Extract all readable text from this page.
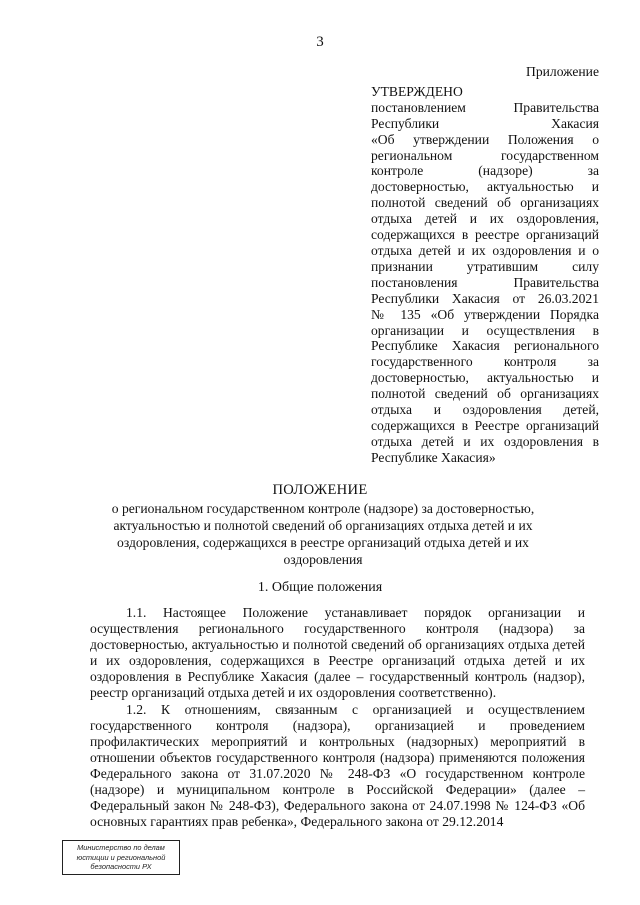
3

Приложение

УТВЕРЖДЕНО

постановлением Правительства

Республики Хакасия

«Об утверждении Положения о

региональном государственном

контроле (надзоре) за

достоверностью, актуальностью и

полнотой сведений об организациях

отдыха детей и их оздоровления,

содержащихся в реестре организаций

отдыха детей и их оздоровления и о

признании утратившим силу

постановления Правительства

Республики Хакасия от 26.03.2021

№ 135 «Об утверждении Порядка

организации и осуществления в

Республике Хакасия регионального

государственного контроля за

достоверностью, актуальностью и

полнотой сведений об организациях

отдыха и оздоровления детей,

содержащихся в Реестре организаций

отдыха детей и их оздоровления в

Республике Хакасия»

ПОЛОЖЕНИЕ
о региональном государственном контроле (надзоре) за достоверностью, актуальностью и полнотой сведений об организациях отдыха детей и их оздоровления, содержащихся в реестре организаций отдыха детей и их оздоровления
1. Общие положения

1.1. Настоящее Положение устанавливает порядок организации и осуществления регионального государственного контроля (надзора) за достоверностью, актуальностью и полнотой сведений об организациях отдыха детей и их оздоровления, содержащихся в Реестре организаций отдыха детей и их оздоровления в Республике Хакасия (далее – государственный контроль (надзор), реестр организаций отдыха детей и их оздоровления соответственно).

1.2. К отношениям, связанным с организацией и осуществлением государственного контроля (надзора), организацией и проведением профилактических мероприятий и контрольных (надзорных) мероприятий в отношении объектов государственного контроля (надзора) применяются положения Федерального закона от 31.07.2020 № 248-ФЗ «О государственном контроле (надзоре) и муниципальном контроле в Российской Федерации» (далее – Федеральный закон № 248-ФЗ), Федерального закона от 24.07.1998 № 124-ФЗ «Об основных гарантиях прав ребенка», Федерального закона от 29.12.2014

Министерство по делам
юстиции и региональной
безопасности РХ
